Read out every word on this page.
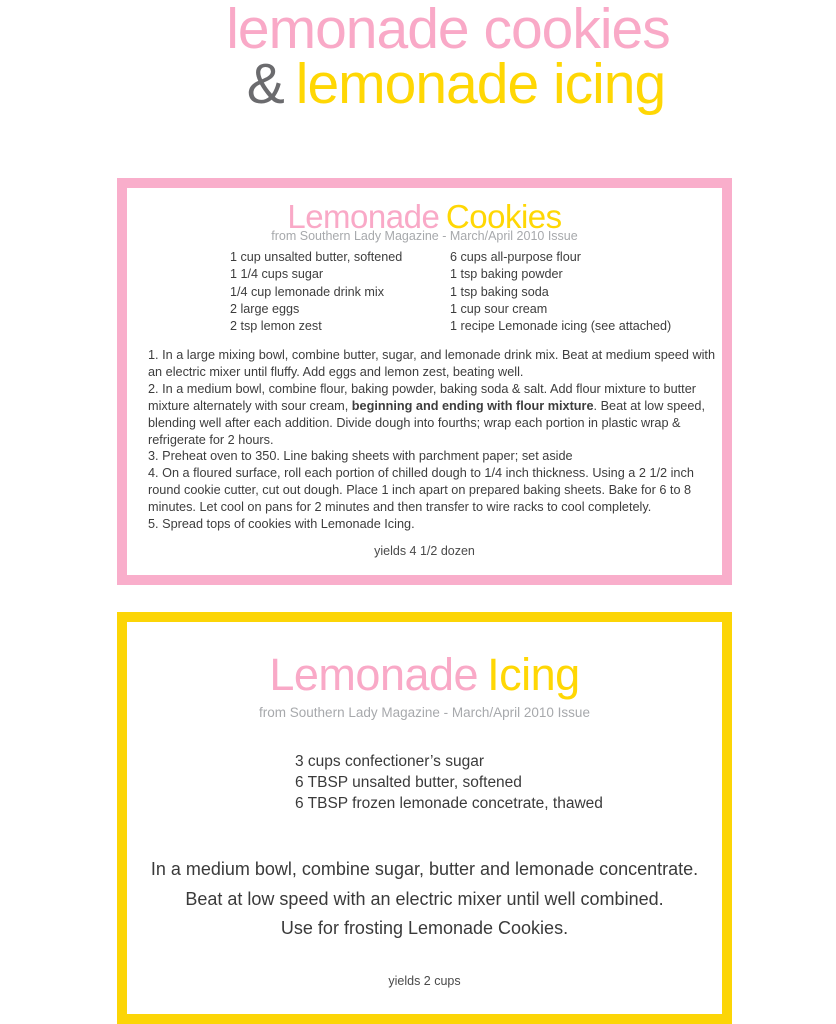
lemonade cookies
& lemonade icing
Lemonade Cookies
from Southern Lady Magazine - March/April 2010 Issue
1 cup unsalted butter, softened
1 1/4 cups sugar
1/4 cup lemonade drink mix
2 large eggs
2 tsp lemon zest
6 cups all-purpose flour
1 tsp baking powder
1 tsp baking soda
1 cup sour cream
1 recipe Lemonade icing (see attached)
1. In a large mixing bowl, combine butter, sugar, and lemonade drink mix. Beat at medium speed with an electric mixer until fluffy. Add eggs and lemon zest, beating well.
2. In a medium bowl, combine flour, baking powder, baking soda & salt. Add flour mixture to butter mixture alternately with sour cream, beginning and ending with flour mixture. Beat at low speed, blending well after each addition. Divide dough into fourths; wrap each portion in plastic wrap & refrigerate for 2 hours.
3. Preheat oven to 350. Line baking sheets with parchment paper; set aside
4. On a floured surface, roll each portion of chilled dough to 1/4 inch thickness. Using a 2 1/2 inch round cookie cutter, cut out dough. Place 1 inch apart on prepared baking sheets. Bake for 6 to 8 minutes. Let cool on pans for 2 minutes and then transfer to wire racks to cool completely.
5. Spread tops of cookies with Lemonade Icing.
yields 4 1/2 dozen
Lemonade Icing
from Southern Lady Magazine - March/April 2010 Issue
3 cups confectioner’s sugar
6 TBSP unsalted butter, softened
6 TBSP frozen lemonade concetrate, thawed
In a medium bowl, combine sugar, butter and lemonade concentrate.
Beat at low speed with an electric mixer until well combined.
Use for frosting Lemonade Cookies.
yields 2 cups
